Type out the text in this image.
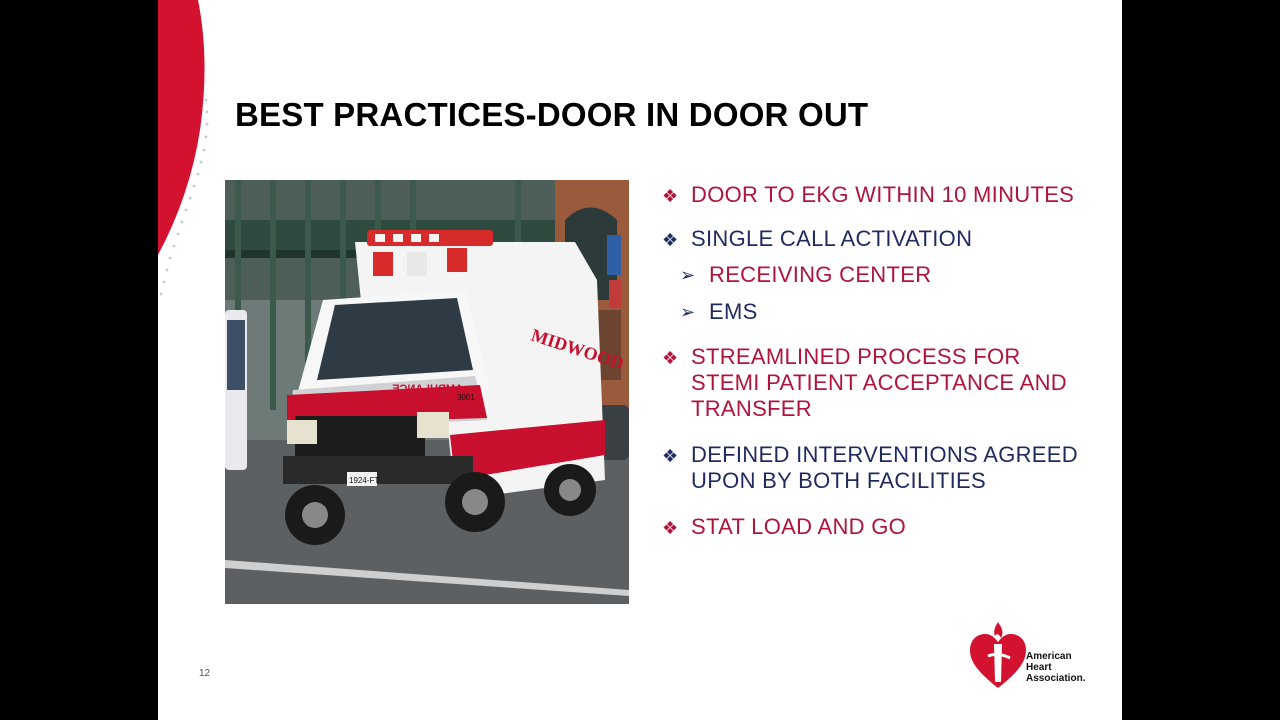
BEST PRACTICES-DOOR IN DOOR OUT
MIDWOOD
AMBULANCE
1924-FT
3001
❖ DOOR TO EKG WITHIN 10 MINUTES
❖ SINGLE CALL ACTIVATION
➢ RECEIVING CENTER
➢ EMS
❖ STREAMLINED PROCESS FOR STEMI PATIENT ACCEPTANCE AND TRANSFER
❖ DEFINED INTERVENTIONS AGREED UPON BY BOTH FACILITIES
❖ STAT LOAD AND GO
12
American
Heart
Association.
